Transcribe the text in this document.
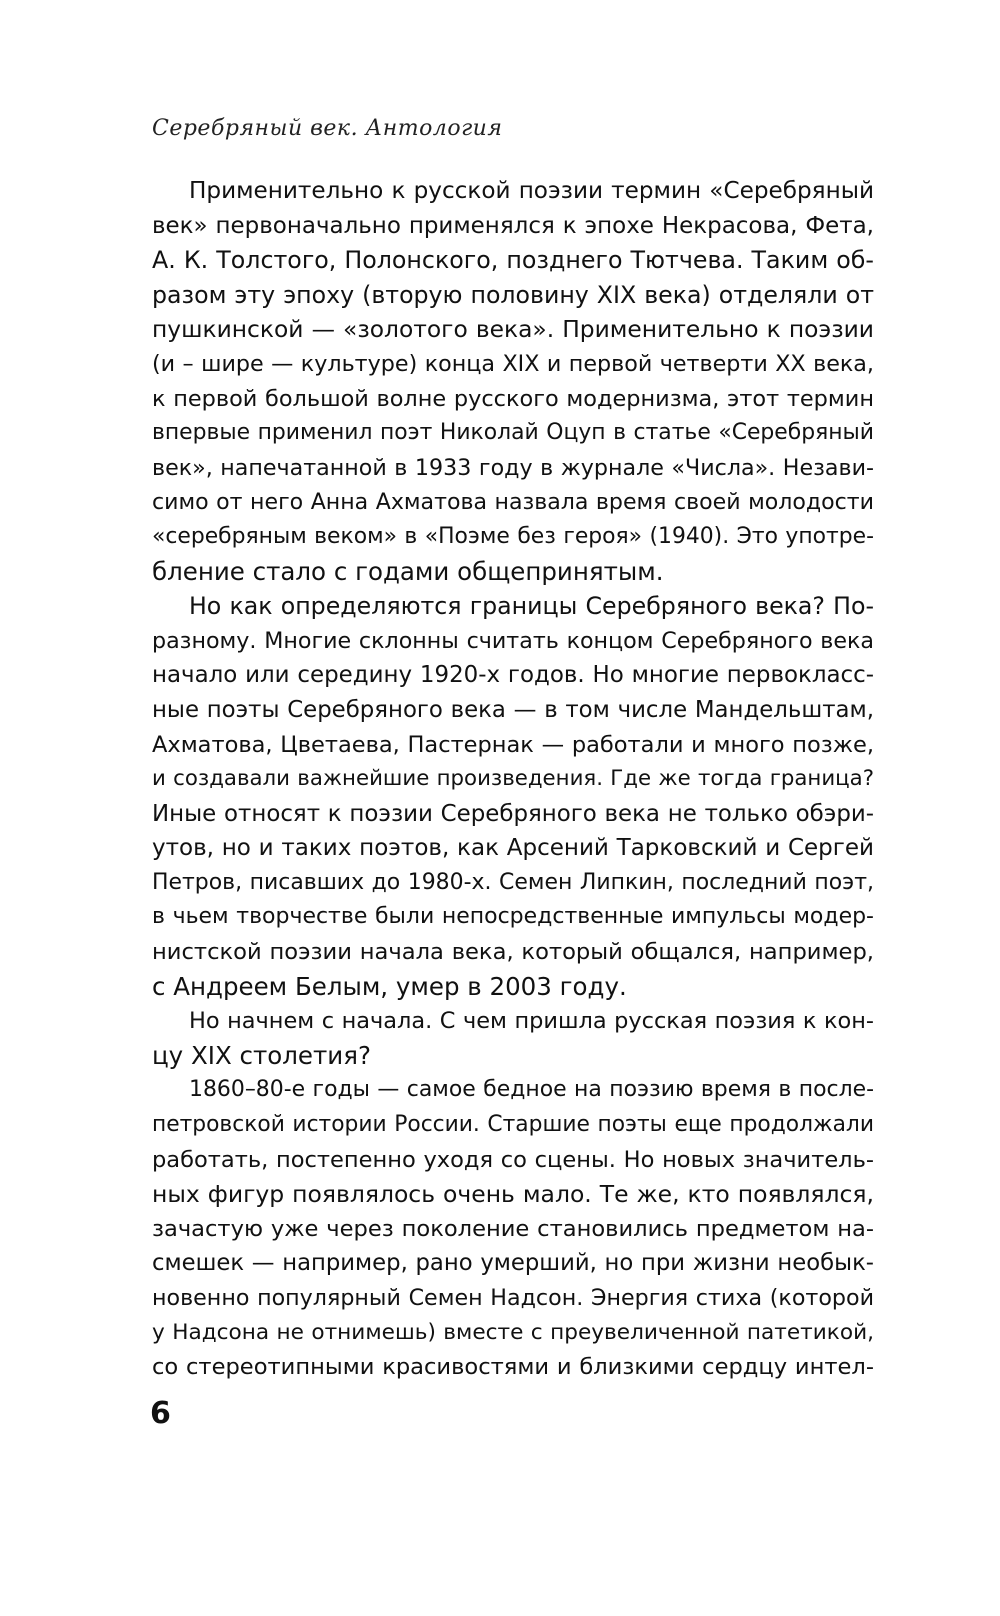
Серебряный век. Антология

Применительно к русской поэзии термин «Серебряный
век» первоначально применялся к эпохе Некрасова, Фета,
А. К. Толстого, Полонского, позднего Тютчева. Таким об-
разом эту эпоху (вторую половину XIX века) отделяли от
пушкинской — «золотого века». Применительно к поэзии
(и – шире — культуре) конца XIX и первой четверти XX века,
к первой большой волне русского модернизма, этот термин
впервые применил поэт Николай Оцуп в статье «Серебряный
век», напечатанной в 1933 году в журнале «Числа». Незави-
симо от него Анна Ахматова назвала время своей молодости
«серебряным веком» в «Поэме без героя» (1940). Это употре-
бление стало с годами общепринятым.

Но как определяются границы Серебряного века? По-
разному. Многие склонны считать концом Серебряного века
начало или середину 1920-х годов. Но многие первокласс-
ные поэты Серебряного века — в том числе Мандельштам,
Ахматова, Цветаева, Пастернак — работали и много позже,
и создавали важнейшие произведения. Где же тогда граница?
Иные относят к поэзии Серебряного века не только обэри-
утов, но и таких поэтов, как Арсений Тарковский и Сергей
Петров, писавших до 1980-х. Семен Липкин, последний поэт,
в чьем творчестве были непосредственные импульсы модер-
нистской поэзии начала века, который общался, например,
с Андреем Белым, умер в 2003 году.

Но начнем с начала. С чем пришла русская поэзия к кон-
цу XIX столетия?

1860–80-е годы — самое бедное на поэзию время в после-
петровской истории России. Старшие поэты еще продолжали
работать, постепенно уходя со сцены. Но новых значитель-
ных фигур появлялось очень мало. Те же, кто появлялся,
зачастую уже через поколение становились предметом на-
смешек — например, рано умерший, но при жизни необык-
новенно популярный Семен Надсон. Энергия стиха (которой
у Надсона не отнимешь) вместе с преувеличенной патетикой,
со стереотипными красивостями и близкими сердцу интел-

6
